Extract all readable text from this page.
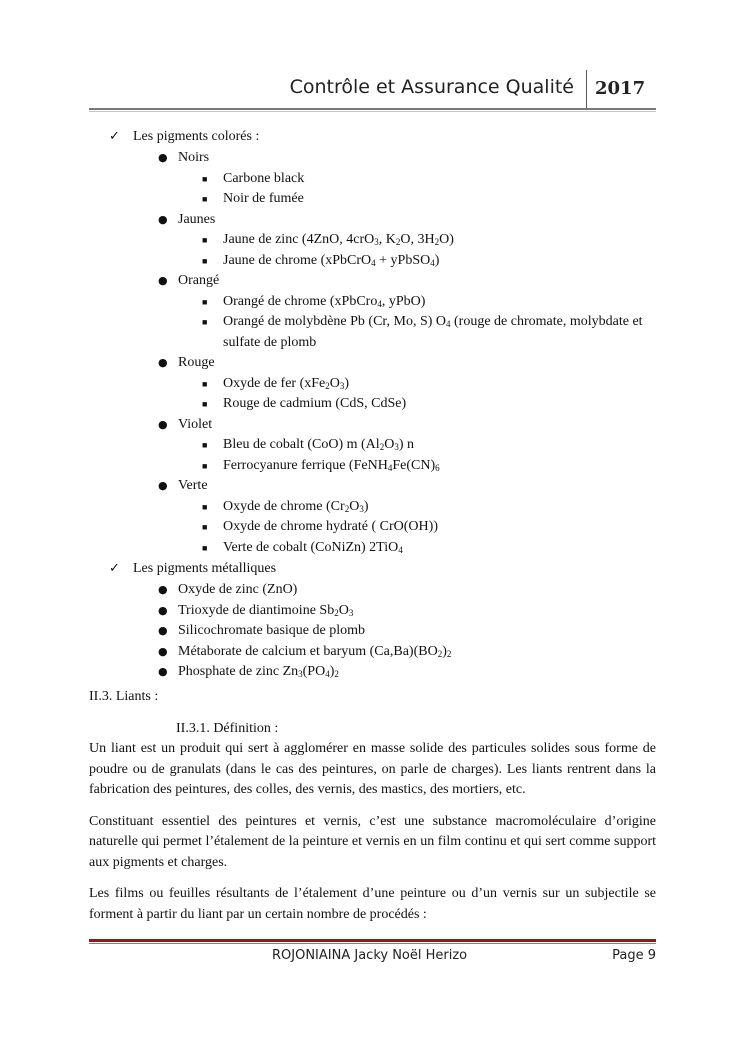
Contrôle et Assurance Qualité 2017
✓ Les pigments colorés :
● Noirs
■ Carbone black
■ Noir de fumée
● Jaunes
■ Jaune de zinc (4ZnO, 4crO$_3$, $K_2O$, $3H_2O$)
■ Jaune de chrome (xPbCrO$_4$ + yPbSO$_4$)
● Orangé
■ Orangé de chrome (xPbCro$_4$, yPbO)
■ Orangé de molybdène Pb (Cr, Mo, S) $O_4$ (rouge de chromate, molybdate et sulfate de plomb
● Rouge
■ Oxyde de fer $(xFe_2O_3)$
■ Rouge de cadmium (CdS, CdSe)
● Violet
■ Bleu de cobalt (CoO) m $(Al_2O_3)$ n
■ Ferrocyanure ferrique ($FeNH_4Fe(CN)_6$
● Verte
■ Oxyde de chrome $(Cr_2O_3)$
■ Oxyde de chrome hydraté ( CrO(OH))
■ Verte de cobalt (CoNiZn) 2TiO$_4$
✓ Les pigments métalliques
● Oxyde de zinc (ZnO)
● Trioxyde de diantimoine $Sb_2O_3$
● Silicochromate basique de plomb
● Métaborate de calcium et baryum $(Ca,Ba)(BO_2)_2$
● Phosphate de zinc $Zn_3(PO_4)_2$
II.3. Liants :
II.3.1. Définition :

Un liant est un produit qui sert à agglomérer en masse solide des particules solides sous forme de poudre ou de granulats (dans le cas des peintures, on parle de charges). Les liants rentrent dans la fabrication des peintures, des colles, des vernis, des mastics, des mortiers, etc.

Constituant essentiel des peintures et vernis, c’est une substance macromoléculaire d’origine naturelle qui permet l’étalement de la peinture et vernis en un film continu et qui sert comme support aux pigments et charges.

Les films ou feuilles résultants de l’étalement d’une peinture ou d’un vernis sur un subjectile se forment à partir du liant par un certain nombre de procédés :

ROJONIAINA Jacky Noël Herizo	Page 9
